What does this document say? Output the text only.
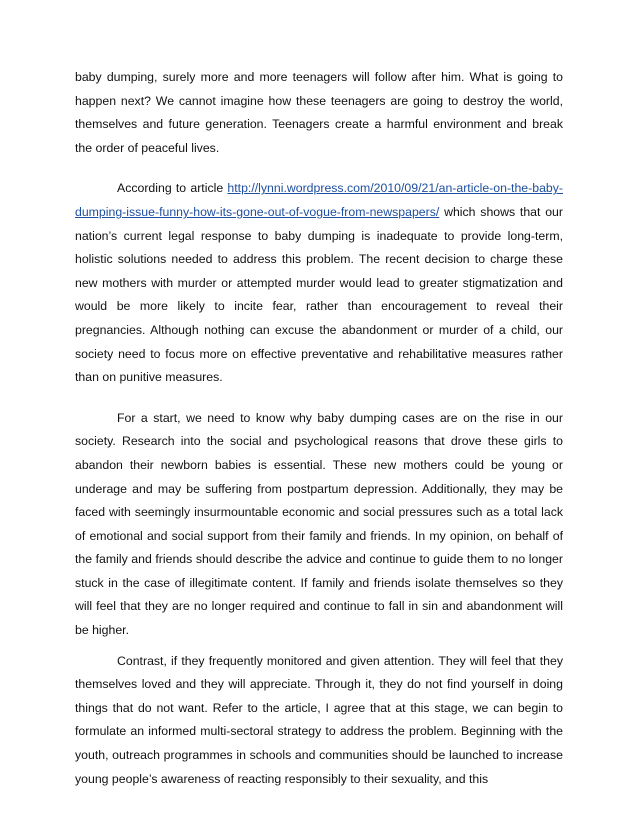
baby dumping, surely more and more teenagers will follow after him. What is going to happen next? We cannot imagine how these teenagers are going to destroy the world, themselves and future generation. Teenagers create a harmful environment and break the order of peaceful lives.

According to article http://lynni.wordpress.com/2010/09/21/an-article-on-the-baby-dumping-issue-funny-how-its-gone-out-of-vogue-from-newspapers/ which shows that our nation’s current legal response to baby dumping is inadequate to provide long-term, holistic solutions needed to address this problem. The recent decision to charge these new mothers with murder or attempted murder would lead to greater stigmatization and would be more likely to incite fear, rather than encouragement to reveal their pregnancies. Although nothing can excuse the abandonment or murder of a child, our society need to focus more on effective preventative and rehabilitative measures rather than on punitive measures.

For a start, we need to know why baby dumping cases are on the rise in our society. Research into the social and psychological reasons that drove these girls to abandon their newborn babies is essential. These new mothers could be young or underage and may be suffering from postpartum depression. Additionally, they may be faced with seemingly insurmountable economic and social pressures such as a total lack of emotional and social support from their family and friends. In my opinion, on behalf of the family and friends should describe the advice and continue to guide them to no longer stuck in the case of illegitimate content. If family and friends isolate themselves so they will feel that they are no longer required and continue to fall in sin and abandonment will be higher.

Contrast, if they frequently monitored and given attention. They will feel that they themselves loved and they will appreciate. Through it, they do not find yourself in doing things that do not want. Refer to the article, I agree that at this stage, we can begin to formulate an informed multi-sectoral strategy to address the problem. Beginning with the youth, outreach programmes in schools and communities should be launched to increase young people’s awareness of reacting responsibly to their sexuality, and this
